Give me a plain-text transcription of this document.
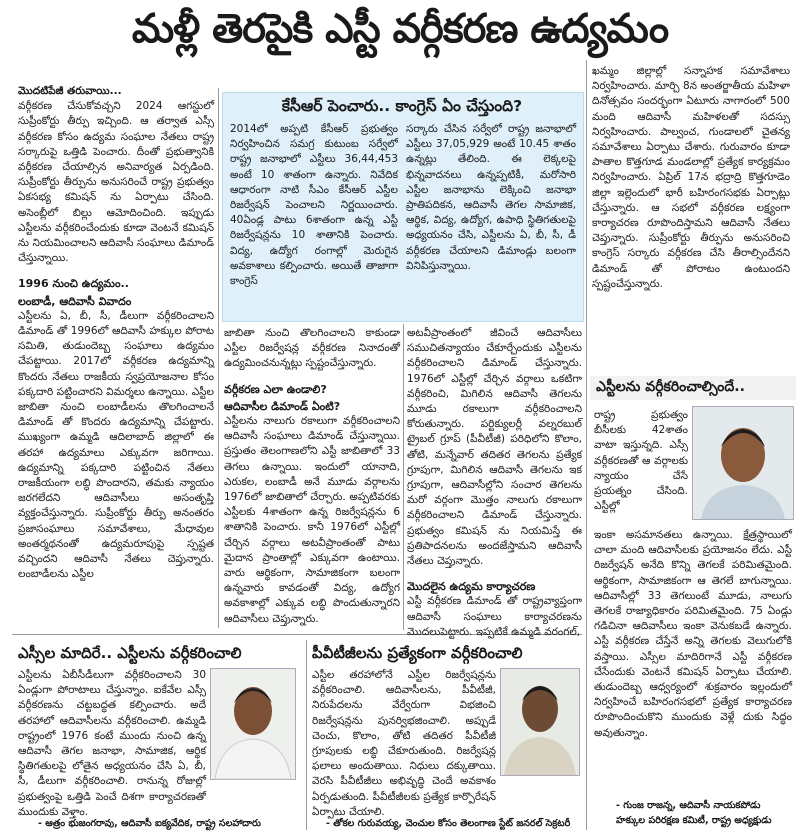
మళ్లీ తెరపైకి ఎస్టీ వర్గీకరణ ఉద్యమం

మొదటిపేజీ తరువాయి...

వర్గీకరణ చేసుకోవచ్చని 2024 ఆగస్టులో సుప్రీంకోర్టు తీర్పు ఇచ్చింది. ఆ తర్వాత ఎస్సీ వర్గీకరణ కోసం ఉద్యమ సంఘాల నేతలు రాష్ట్ర సర్కారుపై ఒత్తిడి పెంచారు. దీంతో ప్రభుత్వానికి వర్గీకరణ చేయాల్సిన అనివార్యత ఏర్పడింది. సుప్రీంకోర్టు తీర్పును అనుసరించే రాష్ట్ర ప్రభుత్వం ఏకసభ్య కమిషన్ ను ఏర్పాటు చేసింది. అసెంబ్లీలో బిల్లు ఆమోదించింది. ఇప్పుడు ఎస్టీలను వర్గీకరించేందుకు కూడా వెంటనే కమిషన్ ను నియమించాలని ఆదివాసీ సంఘాలు డిమాండ్ చేస్తున్నాయి.

1996 నుంచి ఉద్యమం..

లంబాడీ, ఆదివాసీ వివాదం

ఎస్టీలను ఏ, బీ, సీ, డీలుగా వర్గీకరించాలని డిమాండ్ తో 1996లో ఆదివాసీ హక్కుల పోరాట సమితి, తుడుందెబ్బ సంఘాలు ఉద్యమం చేపట్టాయి. 2017లో వర్గీకరణ ఉద్యమాన్ని కొందరు నేతలు రాజకీయ స్వప్రయోజనాల కోసం పక్కదారి పట్టించారని విమర్శలు ఉన్నాయి. ఎస్టీల జాబితా నుంచి లంబాడీలను తొలగించాలనే డిమాండ్ తో కొందరు ఉద్యమాన్ని చేపట్టారు. ముఖ్యంగా ఉమ్మడి ఆదిలాబాద్ జిల్లాలో ఈ తరహా ఉద్యమాలు ఎక్కువగా జరిగాయి. ఉద్యమాన్ని పక్కదారి పట్టించిన నేతలు రాజకీయంగా లబ్ధి పొందారని, తమకు న్యాయం జరగలేదని ఆదివాసీలు అసంతృప్తి వ్యక్తంచేస్తున్నారు. సుప్రీంకోర్టు తీర్పు అనంతరం ప్రజాసంఘాలు సమావేశాలు, మేధావుల అంతర్మథనంతో ఉద్యమరూపుపై స్పష్టత వచ్చిందని ఆదివాసీ నేతలు చెప్తున్నారు. లంబాడీలను ఎస్టీల

కేసీఆర్ పెంచారు.. కాంగ్రెస్ ఏం చేస్తుంది?

2014లో అప్పటి కేసీఆర్ ప్రభుత్వం నిర్వహించిన సమగ్ర కుటుంబ సర్వేలో రాష్ట్ర జనాభాలో ఎస్టీలు 36,44,453 అంటే 10 శాతంగా ఉన్నారు. నివేదిక ఆధారంగా నాటి సీఎం కేసీఆర్ ఎస్టీల రిజర్వేషన్ పెంచాలని నిర్ణయించారు. 40ఏండ్ల పాటు 6శాతంగా ఉన్న ఎస్టీ రిజర్వేషన్లను 10 శాతానికి పెంచారు. విద్య, ఉద్యోగ రంగాల్లో మెరుగైన అవకాశాలు కల్పించారు. అయితే తాజాగా కాంగ్రెస్

సర్కారు చేసిన సర్వేలో రాష్ట్ర జనాభాలో ఎస్టీలు 37,05,929 అంటే 10.45 శాతం ఉన్నట్లు తేలింది. ఈ లెక్కలపై భిన్నవాదనలు ఉన్నప్పటికీ, మరోసారి ఎస్టీల జనాభాను లెక్కించి జనాభా ప్రాతిపదికన, ఆదివాసీ తెగల సామాజిక, ఆర్థిక, విద్య, ఉద్యోగ, ఉపాధి స్థితిగతులపై అధ్యయనం చేసి, ఎస్టీలను ఏ, బీ, సీ, డీ వర్గీకరణ చేయాలని డిమాండ్లు బలంగా వినిపిస్తున్నాయి.

జాబితా నుంచి తొలగించాలని కాకుండా ఎస్టీల రిజర్వేషన్ల వర్గీకరణ నినాదంతో ఉద్యమించనున్నట్లు స్పష్టంచేస్తున్నారు.

వర్గీకరణ ఎలా ఉండాలి?

ఆదివాసీల డిమాండ్ ఏంటి?

ఎస్టీలను నాలుగు రకాలుగా వర్గీకరించాలని ఆదివాసీ సంఘాలు డిమాండ్ చేస్తున్నాయి. ప్రస్తుతం తెలంగాణలోని ఎస్టీ జాబితాలో 33 తెగలు ఉన్నాయి. ఇందులో యానాది, ఎరుకల, లంబాడీ అనే మూడు వర్గాలను 1976లో జాబితాలో చేర్చారు. అప్పటివరకు ఎస్టీలకు 4శాతంగా ఉన్న రిజర్వేషన్లను 6 శాతానికి పెంచారు. కానీ 1976లో ఎస్టీల్లో చేర్చిన వర్గాలు అటవీప్రాంతంతో పాటు మైదాన ప్రాంతాల్లో ఎక్కువగా ఉంటాయి. వారు ఆర్థికంగా, సామాజికంగా బలంగా ఉన్నవారు కావడంతో విద్య, ఉద్యోగ అవకాశాల్లో ఎక్కువ లబ్ధి పొందుతున్నారని ఆదివాసీలు చెప్తున్నారు.

అటవీప్రాంతంలో జీవించే ఆదివాసీలు సముచితన్యాయం చేకూర్చేందుకు ఎస్టీలను వర్గీకరించాలని డిమాండ్ చేస్తున్నారు. 1976లో ఎస్టీల్లో చేర్చిన వర్గాలు ఒకటిగా వర్గీకరించి, మిగిలిన ఆదివాసీ తెగలను మూడు రకాలుగా వర్గీకరించాలని కోరుతున్నారు. పర్టిక్యులర్లీ వల్నరబుల్ ట్రైబల్ గ్రూప్ (పీవీటీజీ) పరిధిలోని కొలాం, తోటి, మన్నేవార్ తదితర తెగలను ప్రత్యేక గ్రూపుగా, మిగిలిన ఆదివాసీ తెగలను ఇక గ్రూపుగా, ఆదివాసీల్లోని సంచార తెగలను మరో వర్గంగా మొత్తం నాలుగు రకాలుగా వర్గీకరించాలని డిమాండ్ చేస్తున్నారు. ప్రభుత్వం కమిషన్ ను నియమిస్తే ఈ ప్రతిపాదనలను అందజేస్తామని ఆదివాసీ నేతలు చెప్తున్నారు.

మొదలైన ఉద్యమ కార్యాచరణ

ఎస్టీ వర్గీకరణ డిమాండ్ తో రాష్ట్రవ్యాప్తంగా ఆదివాసీ సంఘాలు కార్యాచరణను మొదలుపెట్టారు. ఇప్పటికే ఉమ్మడి వరంగల్,

ఖమ్మం జిల్లాల్లో సన్నాహక సమావేశాలు నిర్వహించారు. మార్చి 8న అంతర్జాతీయ మహిళా దినోత్సవం సందర్భంగా ఏటూరు నాగారంలో 500 మంది ఆదివాసీ మహిళలతో సదస్సు నిర్వహించారు. పాల్వంచ, గుండాలలో చైతన్య సమావేశాలు ఏర్పాటు చేశారు. గురువారం కూడా పాతాల కొత్తగూడ మండలాల్లో ప్రత్యేక కార్యక్రమం నిర్వహించారు. ఏప్రిల్ 17న భద్రాద్రి కొత్తగూడెం జిల్లా ఇల్లెందులో భారీ బహిరంగసభకు ఏర్పాట్లు చేస్తున్నారు. ఆ సభలో వర్గీకరణ లక్ష్యంగా కార్యాచరణ రూపొందిస్తామని ఆదివాసీ నేతలు చెప్తున్నారు. సుప్రీంకోర్టు తీర్పును అనుసరించి కాంగ్రెస్ సర్కారు వర్గీకరణ చేసి తీరాల్సిందేనని డిమాండ్ తో పోరాటం ఉంటుందని స్పష్టంచేస్తున్నారు.

ఎస్టీలను వర్గీకరించాల్సిందే..

రాష్ట్ర ప్రభుత్వం బీసీలకు 42శాతం వాటా ఇస్తున్నది. ఎస్సీ వర్గీకరణతో ఆ వర్గాలకు న్యాయం చేసే ప్రయత్నం చేసింది. ఎస్టీల్లో

ఇంకా అసమానతలు ఉన్నాయి. క్షేత్రస్థాయిలో చాలా మంది ఆదివాసీలకు ప్రయోజనం లేదు. ఎస్టీ రిజర్వేషన్ అనేది కొన్ని తెగలకే పరిమితమైంది. ఆర్థికంగా, సామాజికంగా ఆ తెగలే బాగున్నాయి. ఆదివాసీల్లో 33 తెగలుంటే మూడు, నాలుగు తెగలకే రాజ్యాధికారం పరిమితమైంది. 75 ఏండ్లు గడిచినా ఆదివాసీలు ఇంకా వెనుకబడే ఉన్నారు. ఎస్టీ వర్గీకరణ చేస్తేనే అన్ని తెగలకు వెలుగులోకి వస్తాయి. ఎస్సీల మాదిరిగానే ఎస్టీ వర్గీకరణ చేసేందుకు వెంటనే కమిషన్ ఏర్పాటు చేయాలి. తుడుందెబ్బ ఆధ్వర్యంలో శుక్రవారం ఇల్లందులో నిర్వహించే బహిరంగసభలో ప్రత్యేక కార్యాచరణ రూపొందించుకొని ముందుకు వెళ్లే దుకు సిద్ధం అవుతున్నాం.

- గుంజ రాజన్న, ఆదివాసీ నాయకపోడు
హక్కుల పరిరక్షణ కమిటీ, రాష్ట్ర అధ్యక్షుడు
ఎస్సీల మాదిరే.. ఎస్టీలను వర్గీకరించాలి

ఎస్టీలను ఏబీసీడీలుగా వర్గీకరించాలని 30 ఏండ్లుగా పోరాటాలు చేస్తున్నాం. ఐకేవేల ఎస్సీ వర్గీకరణను చట్టబద్ధత కల్పించారు. అదే తరహాలో ఆదివాసీలను వర్గీకరించాలి. ఉమ్మడి రాష్ట్రంలో 1976 కంటే ముందు నుంచి ఉన్న ఆదివాసీ తెగల జనాభా, సామాజిక, ఆర్థిక స్థితిగతులపై లోతైన అధ్యయనం చేసి ఏ, బీ, సీ, డీలుగా వర్గీకరించాలి. రానున్న రోజుల్లో ప్రభుత్వంపై ఒత్తిడి పెంచే దిశగా కార్యాచరణతో ముందుకు వెళ్తాం.

- ఆత్రం భుజంగరావు, ఆదివాసీ ఐక్యవేదిక, రాష్ట్ర సలహాదారు
పీవీటీజీలను ప్రత్యేకంగా వర్గీకరించాలి

ఎస్టీల తరహాలోనే ఎస్టీల రిజర్వేషన్లను వర్గీకరించాలి. ఆదివాసీలను, పీవీటీజీ, నిరుపేదలను వేర్వేరుగా విభజించి రిజర్వేషన్లను పునర్విభజించాలి. అప్పుడే చెంచు, కొలాం, తోటి తదితర పీవీటీజీ గ్రూపులకు లబ్ధి చేకూరుతుంది. రిజర్వేషన్ల ఫలాలు అందుతాయి. నిధులు దక్కుతాయి. వెరసి పీవీటీజీలు అభివృద్ధి చెందే అవకాశం ఏర్పడుతుంది. పీవీటీజీలకు ప్రత్యేక కార్పొరేషన్ ఏర్పాటు చేయాలి.

- తోకల గురువయ్య, చెంచుల కోసం తెలంగాణ స్టేట్ జనరల్ సెక్రటరీ
